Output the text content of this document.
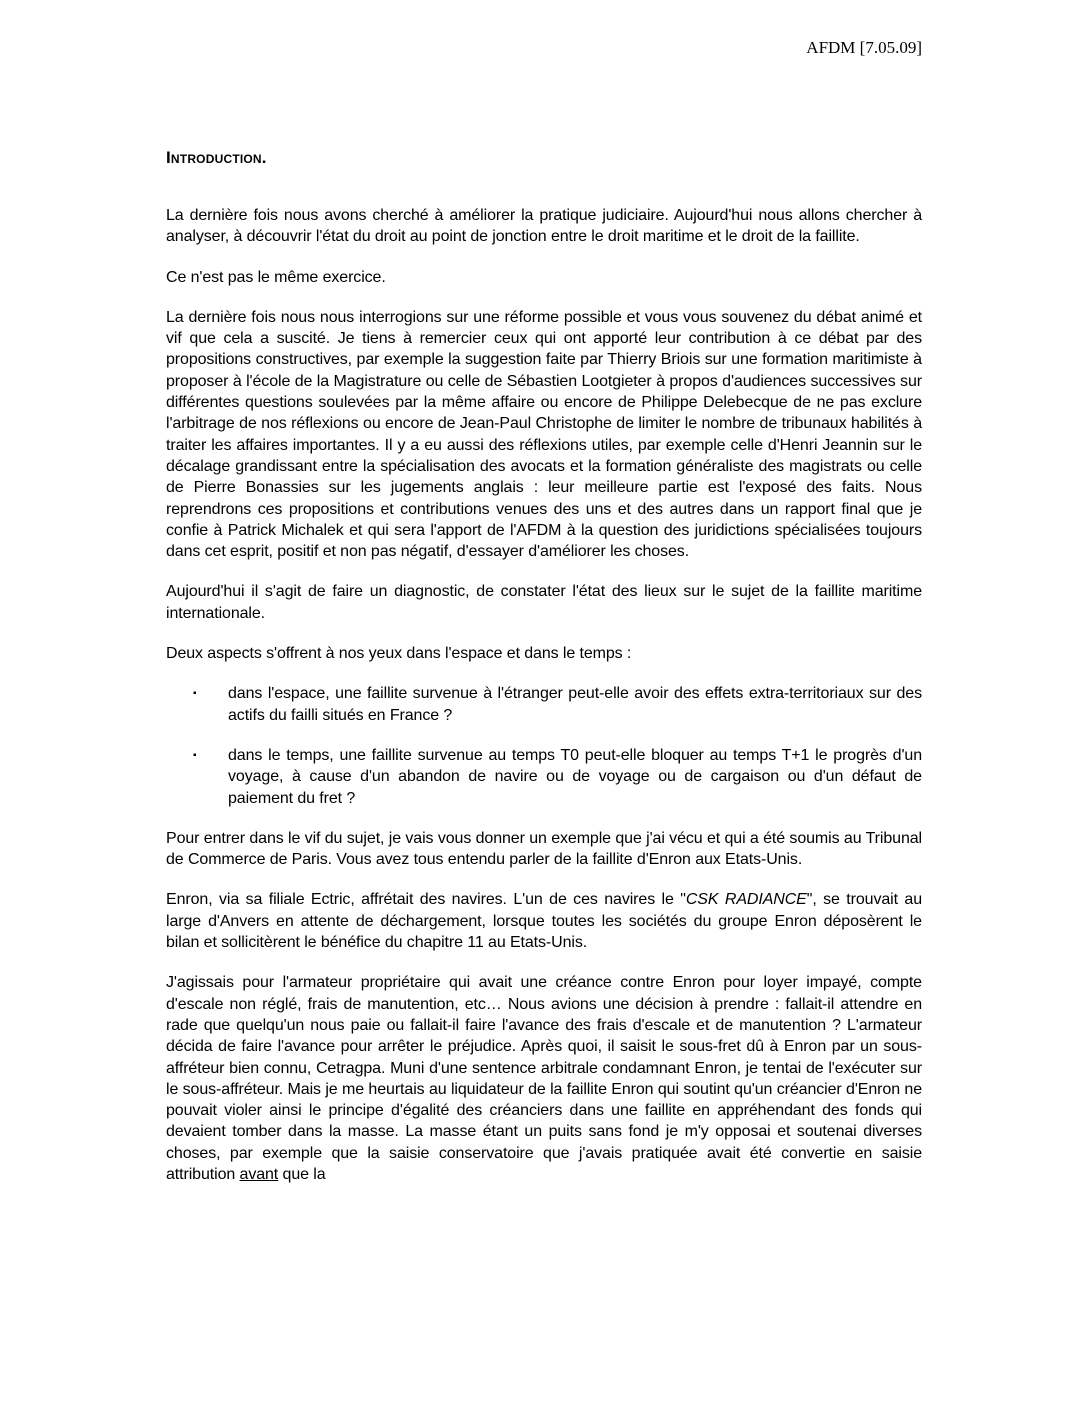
AFDM [7.05.09]
Introduction.

La dernière fois nous avons cherché à améliorer la pratique judiciaire. Aujourd'hui nous allons chercher à analyser, à découvrir l'état du droit au point de jonction entre le droit maritime et le droit de la faillite.

Ce n'est pas le même exercice.

La dernière fois nous nous interrogions sur une réforme possible et vous vous souvenez du débat animé et vif que cela a suscité. Je tiens à remercier ceux qui ont apporté leur contribution à ce débat par des propositions constructives, par exemple la suggestion faite par Thierry Briois sur une formation maritimiste à proposer à l'école de la Magistrature ou celle de Sébastien Lootgieter à propos d'audiences successives sur différentes questions soulevées par la même affaire ou encore de Philippe Delebecque de ne pas exclure l'arbitrage de nos réflexions ou encore de Jean-Paul Christophe de limiter le nombre de tribunaux habilités à traiter les affaires importantes. Il y a eu aussi des réflexions utiles, par exemple celle d'Henri Jeannin sur le décalage grandissant entre la spécialisation des avocats et la formation généraliste des magistrats ou celle de Pierre Bonassies sur les jugements anglais : leur meilleure partie est l'exposé des faits. Nous reprendrons ces propositions et contributions venues des uns et des autres dans un rapport final que je confie à Patrick Michalek et qui sera l'apport de l'AFDM à la question des juridictions spécialisées toujours dans cet esprit, positif et non pas négatif, d'essayer d'améliorer les choses.

Aujourd'hui il s'agit de faire un diagnostic, de constater l'état des lieux sur le sujet de la faillite maritime internationale.

Deux aspects s'offrent à nos yeux dans l'espace et dans le temps :

▪	dans l'espace, une faillite survenue à l'étranger peut-elle avoir des effets extra-territoriaux sur des actifs du failli situés en France ?
▪	dans le temps, une faillite survenue au temps T0 peut-elle bloquer au temps T+1 le progrès d'un voyage, à cause d'un abandon de navire ou de voyage ou de cargaison ou d'un défaut de paiement du fret ?

Pour entrer dans le vif du sujet, je vais vous donner un exemple que j'ai vécu et qui a été soumis au Tribunal de Commerce de Paris. Vous avez tous entendu parler de la faillite d'Enron aux Etats-Unis.

Enron, via sa filiale Ectric, affrétait des navires. L'un de ces navires le "CSK RADIANCE", se trouvait au large d'Anvers en attente de déchargement, lorsque toutes les sociétés du groupe Enron déposèrent le bilan et sollicitèrent le bénéfice du chapitre 11 au Etats-Unis.

J'agissais pour l'armateur propriétaire qui avait une créance contre Enron pour loyer impayé, compte d'escale non réglé, frais de manutention, etc… Nous avions une décision à prendre : fallait-il attendre en rade que quelqu'un nous paie ou fallait-il faire l'avance des frais d'escale et de manutention ? L'armateur décida de faire l'avance pour arrêter le préjudice. Après quoi, il saisit le sous-fret dû à Enron par un sous-affréteur bien connu, Cetragpa. Muni d'une sentence arbitrale condamnant Enron, je tentai de l'exécuter sur le sous-affréteur. Mais je me heurtais au liquidateur de la faillite Enron qui soutint qu'un créancier d'Enron ne pouvait violer ainsi le principe d'égalité des créanciers dans une faillite en appréhendant des fonds qui devaient tomber dans la masse. La masse étant un puits sans fond je m'y opposai et soutenai diverses choses, par exemple que la saisie conservatoire que j'avais pratiquée avait été convertie en saisie attribution avant que la
